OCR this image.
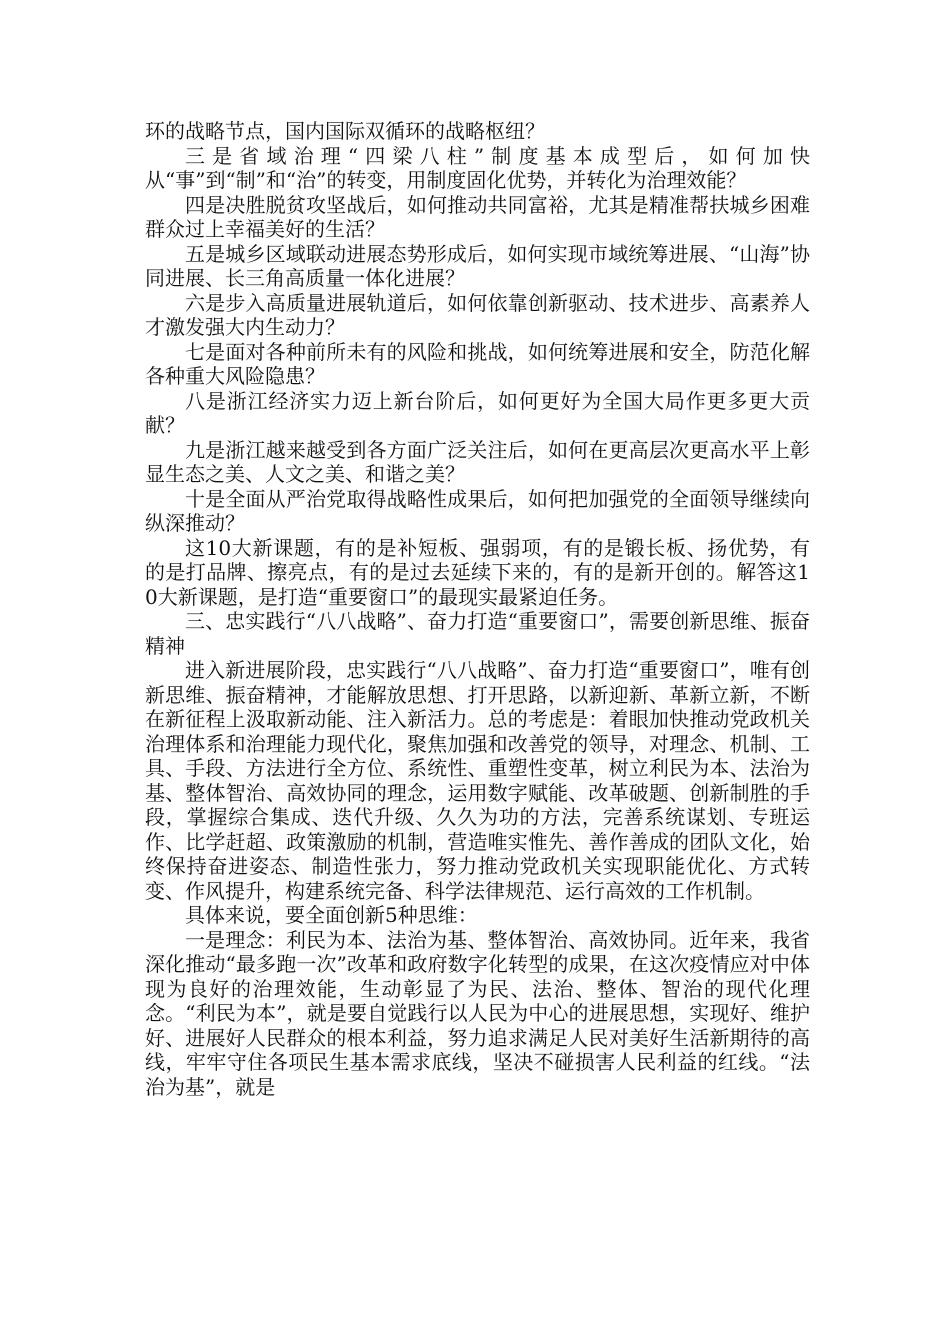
环的战略节点，国内国际双循环的战略枢纽？

三是省域治理“四梁八柱”制度基本成型后，如何加快从“事”到“制”和“治”的转变，用制度固化优势，并转化为治理效能？

四是决胜脱贫攻坚战后，如何推动共同富裕，尤其是精准帮扶城乡困难群众过上幸福美好的生活？

五是城乡区域联动进展态势形成后，如何实现市域统筹进展、“山海”协同进展、长三角高质量一体化进展？

六是步入高质量进展轨道后，如何依靠创新驱动、技术进步、高素养人才激发强大内生动力？

七是面对各种前所未有的风险和挑战，如何统筹进展和安全，防范化解各种重大风险隐患？

八是浙江经济实力迈上新台阶后，如何更好为全国大局作更多更大贡献？

九是浙江越来越受到各方面广泛关注后，如何在更高层次更高水平上彰显生态之美、人文之美、和谐之美？

十是全面从严治党取得战略性成果后，如何把加强党的全面领导继续向纵深推动？

这10大新课题，有的是补短板、强弱项，有的是锻长板、扬优势，有的是打品牌、擦亮点，有的是过去延续下来的，有的是新开创的。解答这10大新课题，是打造“重要窗口”的最现实最紧迫任务。

三、忠实践行“八八战略”、奋力打造“重要窗口”，需要创新思维、振奋精神

进入新进展阶段，忠实践行“八八战略”、奋力打造“重要窗口”，唯有创新思维、振奋精神，才能解放思想、打开思路，以新迎新、革新立新，不断在新征程上汲取新动能、注入新活力。总的考虑是：着眼加快推动党政机关治理体系和治理能力现代化，聚焦加强和改善党的领导，对理念、机制、工具、手段、方法进行全方位、系统性、重塑性变革，树立利民为本、法治为基、整体智治、高效协同的理念，运用数字赋能、改革破题、创新制胜的手段，掌握综合集成、迭代升级、久久为功的方法，完善系统谋划、专班运作、比学赶超、政策激励的机制，营造唯实惟先、善作善成的团队文化，始终保持奋进姿态、制造性张力，努力推动党政机关实现职能优化、方式转变、作风提升，构建系统完备、科学法律规范、运行高效的工作机制。

具体来说，要全面创新5种思维：

一是理念：利民为本、法治为基、整体智治、高效协同。近年来，我省深化推动“最多跑一次”改革和政府数字化转型的成果，在这次疫情应对中体现为良好的治理效能，生动彰显了为民、法治、整体、智治的现代化理念。“利民为本”，就是要自觉践行以人民为中心的进展思想，实现好、维护好、进展好人民群众的根本利益，努力追求满足人民对美好生活新期待的高线，牢牢守住各项民生基本需求底线，坚决不碰损害人民利益的红线。“法治为基”，就是
